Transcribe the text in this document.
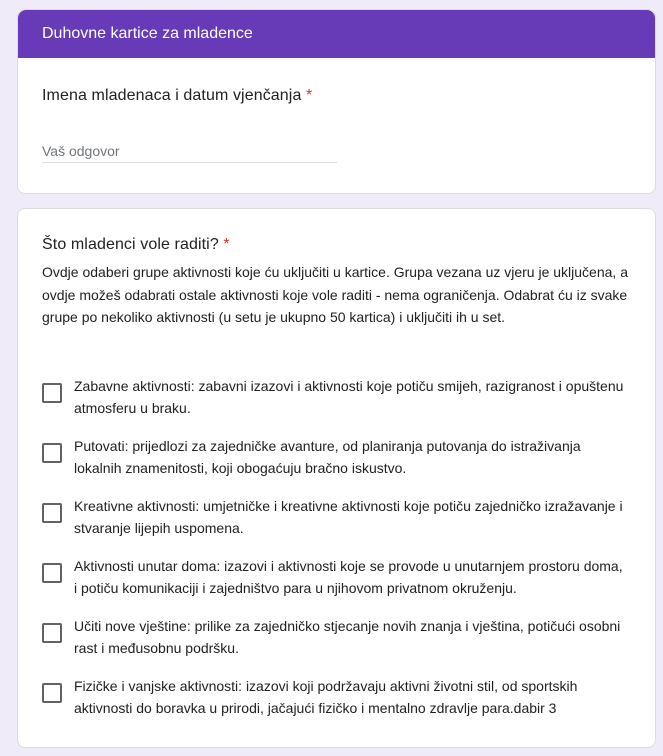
Duhovne kartice za mladence
Imena mladenaca i datum vjenčanja *
Vaš odgovor
Što mladenci vole raditi? *
Ovdje odaberi grupe aktivnosti koje ću uključiti u kartice. Grupa vezana uz vjeru je uključena, a ovdje možeš odabrati ostale aktivnosti koje vole raditi - nema ograničenja. Odabrat ću iz svake grupe po nekoliko aktivnosti (u setu je ukupno 50 kartica) i uključiti ih u set.
Zabavne aktivnosti: zabavni izazovi i aktivnosti koje potiču smijeh, razigranost i opuštenu atmosferu u braku.
Putovati: prijedlozi za zajedničke avanture, od planiranja putovanja do istraživanja lokalnih znamenitosti, koji obogaćuju bračno iskustvo.
Kreativne aktivnosti: umjetničke i kreativne aktivnosti koje potiču zajedničko izražavanje i stvaranje lijepih uspomena.
Aktivnosti unutar doma: izazovi i aktivnosti koje se provode u unutarnjem prostoru doma, i potiču komunikaciji i zajedništvo para u njihovom privatnom okruženju.
Učiti nove vještine: prilike za zajedničko stjecanje novih znanja i vještina, potičući osobni rast i međusobnu podršku.
Fizičke i vanjske aktivnosti: izazovi koji podržavaju aktivni životni stil, od sportskih aktivnosti do boravka u prirodi, jačajući fizičko i mentalno zdravlje para.dabir 3
